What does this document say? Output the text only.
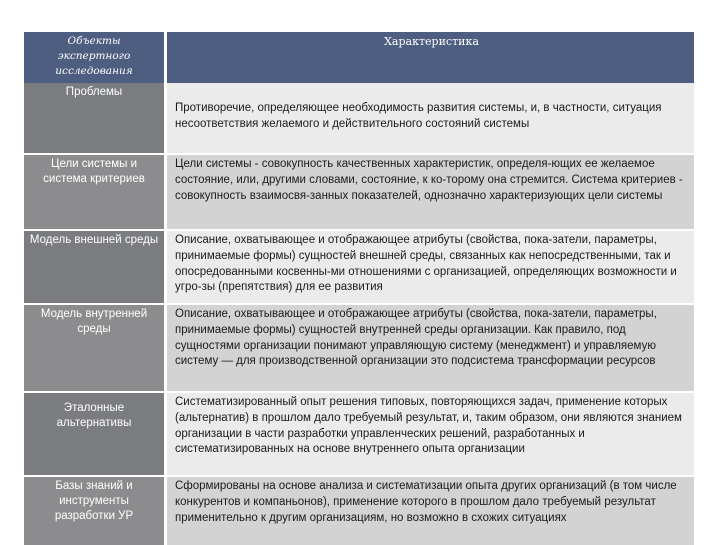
Объекты
экспертного
исследования
Характеристика
Проблемы
Противоречие, определяющее необходимость развития системы, и, в частности, ситуация несоответствия желаемого и действительного состояний системы
Цели системы и система критериев
Цели системы - совокупность качественных характеристик, определя-ющих ее желаемое состояние, или, другими словами, состояние, к ко-торому она стремится. Система критериев - совокупность взаимосвя-занных показателей, однозначно характеризующих цели системы
Модель внешней среды	Описание, охватывающее и отображающее атрибуты (свойства, пока-затели, параметры, принимаемые формы) сущностей внешней среды, связанных как непосредственными, так и опосредованными косвенны-ми отношениями с организацией, определяющих возможности и угро-зы (препятствия) для ее развития
Модель внутренней среды
Описание, охватывающее и отображающее атрибуты (свойства, пока-затели, параметры, принимаемые формы) сущностей внутренней среды организации. Как правило, под сущностями организации понимают управляющую систему (менеджмент) и управляемую систему — для производственной организации это подсистема трансформации ресурсов
Эталонные альтернативы
Систематизированный опыт решения типовых, повторяющихся задач, применение которых (альтернатив) в прошлом дало требуемый результат, и, таким образом, они являются знанием организации в части разработки управленческих решений, разработанных и систематизированных на основе внутреннего опыта организации
Базы знаний и инструменты разработки УР
Сформированы на основе анализа и систематизации опыта других организаций (в том числе конкурентов и компаньонов), применение которого в прошлом дало требуемый результат применительно к другим организациям, но возможно в схожих ситуациях
